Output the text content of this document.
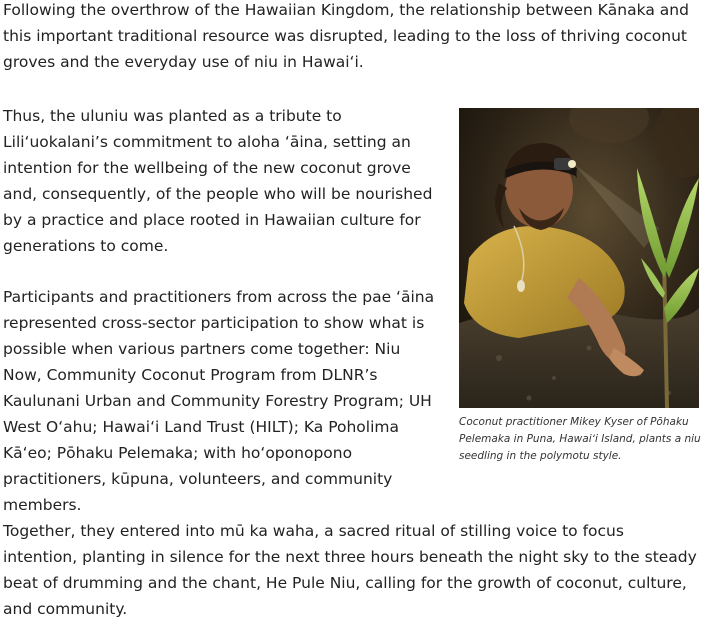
Following the overthrow of the Hawaiian Kingdom, the relationship between Kānaka and this important traditional resource was disrupted, leading to the loss of thriving coconut groves and the everyday use of niu in Hawaiʻi.

Thus, the uluniu was planted as a tribute to Liliʻuokalani’s commitment to aloha ʻāina, setting an intention for the wellbeing of the new coconut grove and, consequently, of the people who will be nourished by a practice and place rooted in Hawaiian culture for generations to come.

Participants and practitioners from across the pae ʻāina represented cross-sector participation to show what is possible when various partners come together: Niu Now, Community Coconut Program from DLNR’s Kaulunani Urban and Community Forestry Program; UH West Oʻahu; Hawaiʻi Land Trust (HILT); Ka Poholima Kāʻeo; Pōhaku Pelemaka; with hoʻoponopono practitioners, kūpuna, volunteers, and community members.

Together, they entered into mū ka waha, a sacred ritual of stilling voice to focus intention, planting in silence for the next three hours beneath the night sky to the steady beat of drumming and the chant, He Pule Niu, calling for the growth of coconut, culture, and community.

Coconut practitioner Mikey Kyser of Pōhaku Pelemaka in Puna, Hawaiʻi Island, plants a niu seedling in the polymotu style.
